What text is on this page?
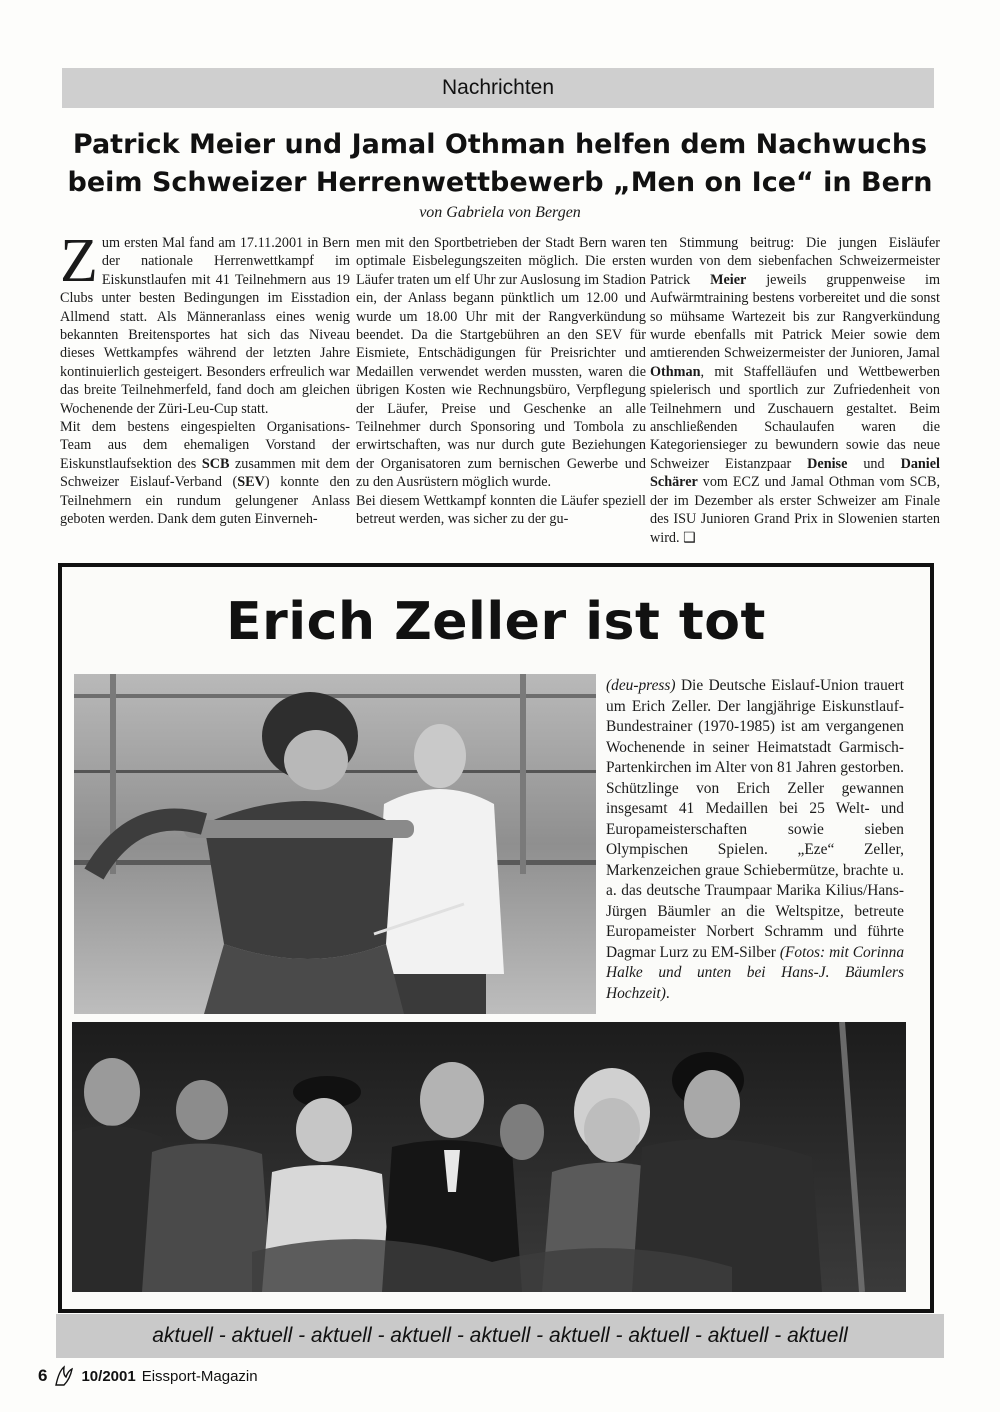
Nachrichten
Patrick Meier und Jamal Othman helfen dem Nachwuchs
beim Schweizer Herrenwettbewerb „Men on Ice“ in Bern
von Gabriela von Bergen

Zum ersten Mal fand am 17.11.2001 in Bern der nationale Herrenwettkampf im Eiskunstlaufen mit 41 Teilnehmern aus 19 Clubs unter besten Bedingungen im Eisstadion Allmend statt. Als Männeranlass eines wenig bekannten Breitensportes hat sich das Niveau dieses Wettkampfes während der letzten Jahre kontinuierlich gesteigert. Besonders erfreulich war das breite Teilnehmerfeld, fand doch am gleichen Wochenende der Züri-Leu-Cup statt.

Mit dem bestens eingespielten Organisations-Team aus dem ehemaligen Vorstand der Eiskunstlaufsektion des SCB zusammen mit dem Schweizer Eislauf-Verband (SEV) konnte den Teilnehmern ein rundum gelungener Anlass geboten werden. Dank dem guten Einverneh-

men mit den Sportbetrieben der Stadt Bern waren optimale Eisbelegungszeiten möglich. Die ersten Läufer traten um elf Uhr zur Auslosung im Stadion ein, der Anlass begann pünktlich um 12.00 und wurde um 18.00 Uhr mit der Rangverkündung beendet. Da die Startgebühren an den SEV für Eismiete, Entschädigungen für Preisrichter und Medaillen verwendet werden mussten, waren die übrigen Kosten wie Rechnungsbüro, Verpflegung der Läufer, Preise und Geschenke an alle Teilnehmer durch Sponsoring und Tombola zu erwirtschaften, was nur durch gute Beziehungen der Organisatoren zum bernischen Gewerbe und zu den Ausrüstern möglich wurde.

Bei diesem Wettkampf konnten die Läufer speziell betreut werden, was sicher zu der gu-

ten Stimmung beitrug: Die jungen Eisläufer wurden von dem siebenfachen Schweizermeister Patrick Meier jeweils gruppenweise im Aufwärmtraining bestens vorbereitet und die sonst so mühsame Wartezeit bis zur Rangverkündung wurde ebenfalls mit Patrick Meier sowie dem amtierenden Schweizermeister der Junioren, Jamal Othman, mit Staffelläufen und Wettbewerben spielerisch und sportlich zur Zufriedenheit von Teilnehmern und Zuschauern gestaltet. Beim anschließenden Schaulaufen waren die Kategoriensieger zu bewundern sowie das neue Schweizer Eistanzpaar Denise und Daniel Schärer vom ECZ und Jamal Othman vom SCB, der im Dezember als erster Schweizer am Finale des ISU Junioren Grand Prix in Slowenien starten wird. ❑

Erich Zeller ist tot

(deu-press) Die Deutsche Eislauf-Union trauert um Erich Zeller. Der langjährige Eiskunstlauf-Bundestrainer (1970-1985) ist am vergangenen Wochenende in seiner Heimatstadt Garmisch-Partenkirchen im Alter von 81 Jahren gestorben. Schützlinge von Erich Zeller gewannen insgesamt 41 Medaillen bei 25 Welt- und Europameisterschaften sowie sieben Olympischen Spielen. „Eze“ Zeller, Markenzeichen graue Schiebermütze, brachte u. a. das deutsche Traumpaar Marika Kilius/Hans-Jürgen Bäumler an die Weltspitze, betreute Europameister Norbert Schramm und führte Dagmar Lurz zu EM-Silber (Fotos: mit Corinna Halke und unten bei Hans-J. Bäumlers Hochzeit).

aktuell - aktuell - aktuell - aktuell - aktuell - aktuell - aktuell - aktuell - aktuell
6 10/2001 Eissport-Magazin
